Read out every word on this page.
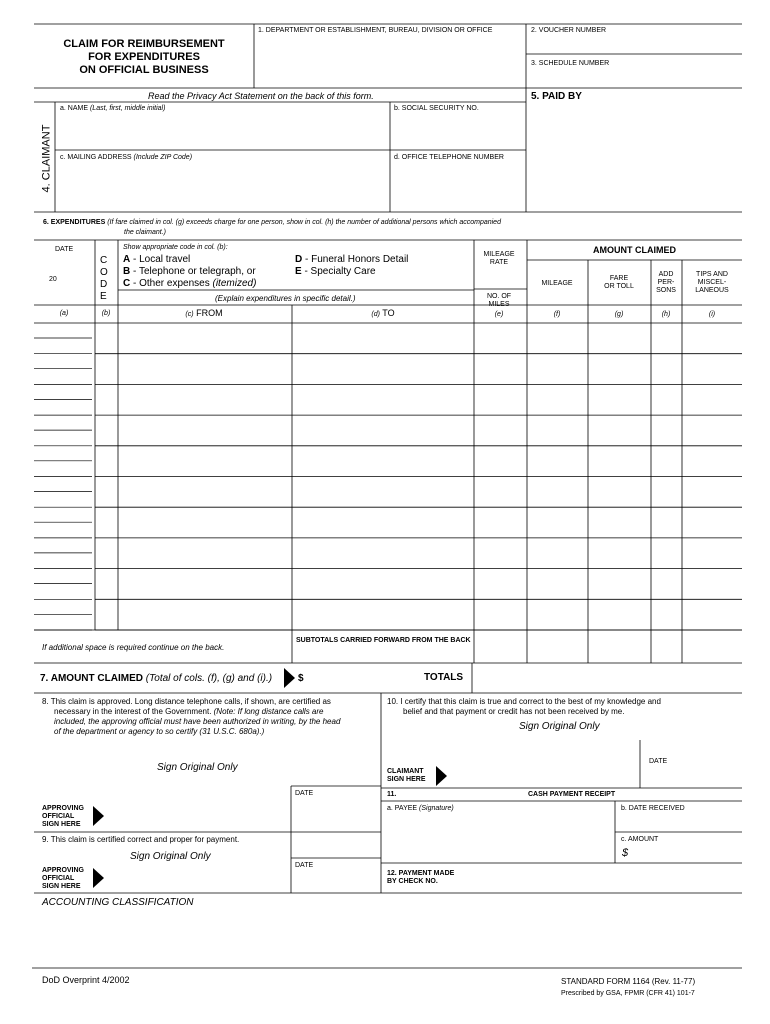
CLAIM FOR REIMBURSEMENT
FOR EXPENDITURES
ON OFFICIAL BUSINESS
1. DEPARTMENT OR ESTABLISHMENT, BUREAU, DIVISION OR OFFICE	2. VOUCHER NUMBER
3. SCHEDULE NUMBER
Read the Privacy Act Statement on the back of this form.	5. PAID BY
4. CLAIMANT
a. NAME (Last, first, middle initial)	b. SOCIAL SECURITY NO.
c. MAILING ADDRESS (Include ZIP Code)	d. OFFICE TELEPHONE NUMBER
6. EXPENDITURES (If fare claimed in col. (g) exceeds charge for one person, show in col. (h) the number of additional persons which accompanied
the claimant.)
DATE
20
C
O
D
E
Show appropriate code in col. (b):
A - Local travel
B - Telephone or telegraph, or
C - Other expenses (itemized)
D - Funeral Honors Detail
E - Specialty Care
(Explain expenditures in specific detail.)
MILEAGE
RATE
NO. OF
MILES
AMOUNT CLAIMED
MILEAGE
FARE
OR TOLL
ADD
PER-
SONS
TIPS AND
MISCEL-
LANEOUS
(a)	(b)	(c) FROM	(d) TO	(e)	(f)	(g)	(h)	(i)
If additional space is required continue on the back.
SUBTOTALS CARRIED FORWARD FROM THE BACK
7. AMOUNT CLAIMED (Total of cols. (f), (g) and (i).)	$	TOTALS
8. This claim is approved. Long distance telephone calls, if shown, are certified as
necessary in the interest of the Government. (Note: If long distance calls are
included, the approving official must have been authorized in writing, by the head
of the department or agency to so certify (31 U.S.C. 680a).)
Sign Original Only
DATE
APPROVING
OFFICIAL
SIGN HERE
9. This claim is certified correct and proper for payment.
Sign Original Only
DATE
APPROVING
OFFICIAL
SIGN HERE
ACCOUNTING CLASSIFICATION
10. I certify that this claim is true and correct to the best of my knowledge and
belief and that payment or credit has not been received by me.
Sign Original Only
DATE
CLAIMANT
SIGN HERE
11.	CASH PAYMENT RECEIPT
a. PAYEE (Signature)	b. DATE RECEIVED
c. AMOUNT
$
12. PAYMENT MADE
BY CHECK NO.
DoD Overprint 4/2002	STANDARD FORM 1164 (Rev. 11-77)
Prescribed by GSA, FPMR (CFR 41) 101-7
